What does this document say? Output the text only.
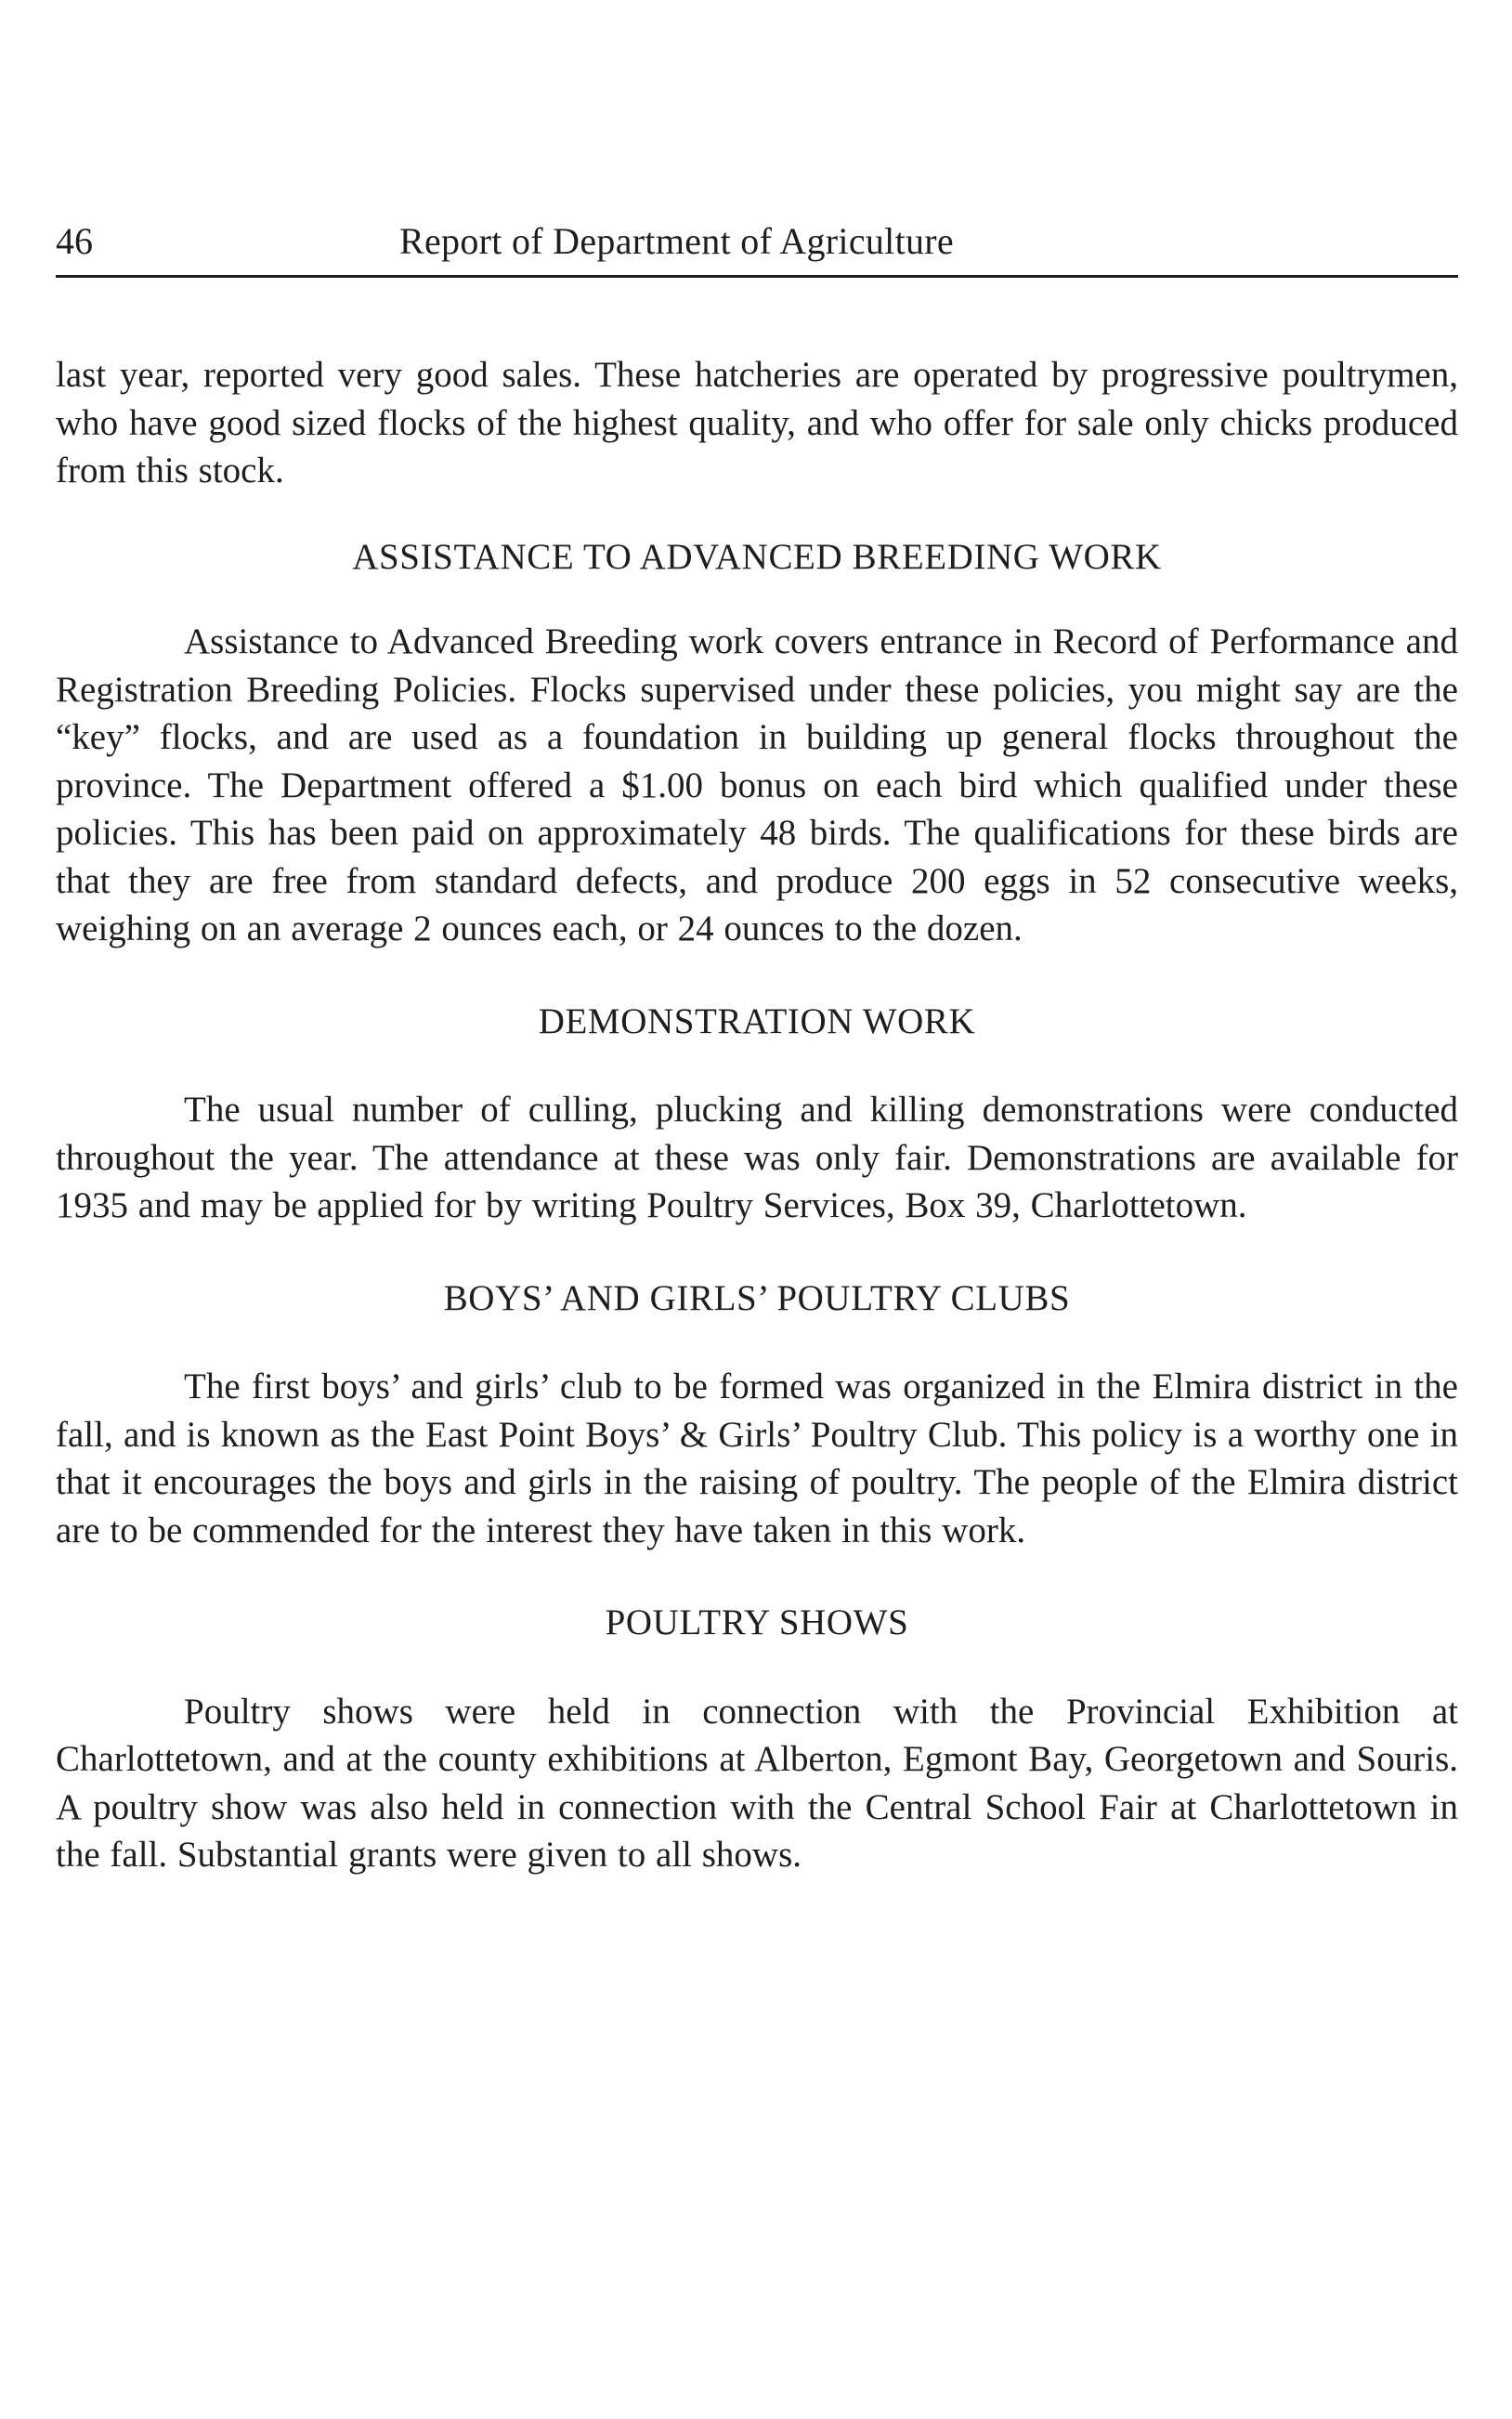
46	Report of Department of Agriculture

last year, reported very good sales. These hatcheries are operated by progressive poultrymen, who have good sized flocks of the highest quality, and who offer for sale only chicks produced from this stock.

ASSISTANCE TO ADVANCED BREEDING WORK

Assistance to Advanced Breeding work covers entrance in Record of Performance and Registration Breeding Policies. Flocks supervised under these policies, you might say are the “key” flocks, and are used as a foundation in building up general flocks throughout the province. The Department offered a $1.00 bonus on each bird which qualified under these policies. This has been paid on approximately 48 birds. The qualifications for these birds are that they are free from standard defects, and produce 200 eggs in 52 consecutive weeks, weighing on an average 2 ounces each, or 24 ounces to the dozen.

DEMONSTRATION WORK

The usual number of culling, plucking and killing demonstrations were conducted throughout the year. The attendance at these was only fair. Demonstrations are available for 1935 and may be applied for by writing Poultry Services, Box 39, Charlottetown.

BOYS’ AND GIRLS’ POULTRY CLUBS

The first boys’ and girls’ club to be formed was organized in the Elmira district in the fall, and is known as the East Point Boys’ & Girls’ Poultry Club. This policy is a worthy one in that it encourages the boys and girls in the raising of poultry. The people of the Elmira district are to be commended for the interest they have taken in this work.

POULTRY SHOWS

Poultry shows were held in connection with the Provincial Exhibition at Charlottetown, and at the county exhibitions at Alberton, Egmont Bay, Georgetown and Souris. A poultry show was also held in connection with the Central School Fair at Charlottetown in the fall. Substantial grants were given to all shows.
